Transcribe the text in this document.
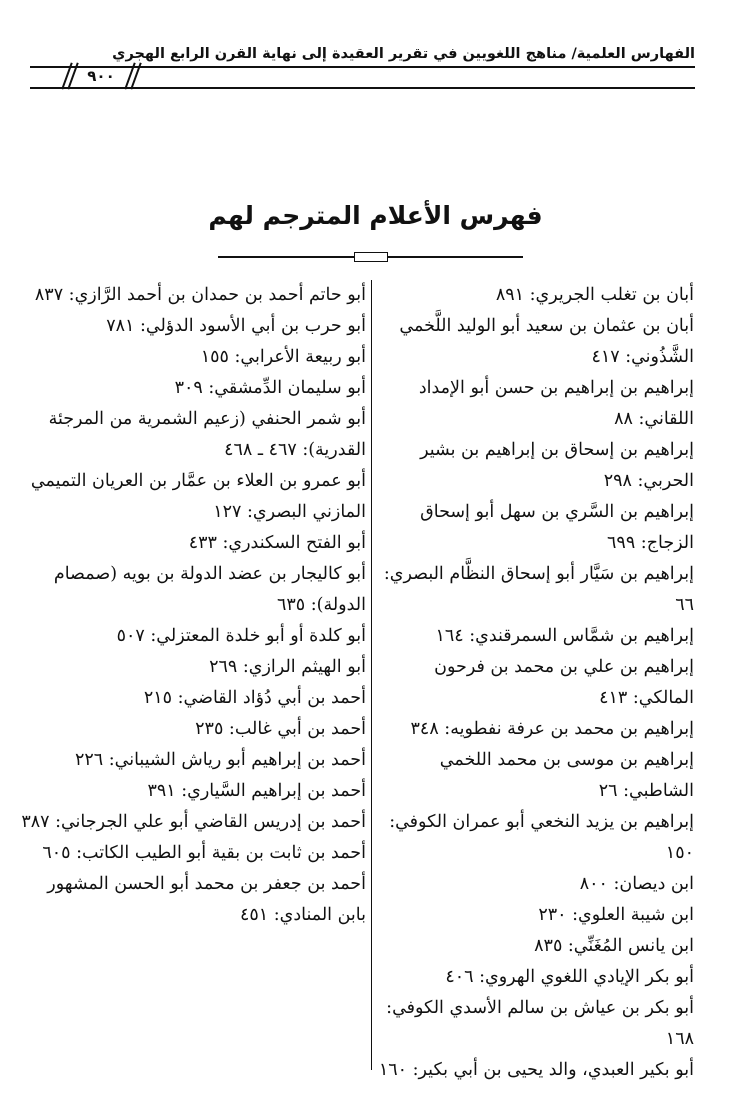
الفهارس العلمية/ مناهج اللغويين في تقرير العقيدة إلى نهاية القرن الرابع الهجري
٩٠٠
فهرس الأعلام المترجم لهم

أبان بن تغلب الجريري: ٨٩١

أبان بن عثمان بن سعيد أبو الوليد اللَّخمي الشَّذُوني: ٤١٧

إبراهيم بن إبراهيم بن حسن أبو الإمداد اللقاني: ٨٨

إبراهيم بن إسحاق بن إبراهيم بن بشير الحربي: ٢٩٨

إبراهيم بن السَّري بن سهل أبو إسحاق الزجاج: ٦٩٩

إبراهيم بن سَيَّار أبو إسحاق النظَّام البصري: ٦٦

إبراهيم بن شمَّاس السمرقندي: ١٦٤

إبراهيم بن علي بن محمد بن فرحون المالكي: ٤١٣

إبراهيم بن محمد بن عرفة نفطويه: ٣٤٨

إبراهيم بن موسى بن محمد اللخمي الشاطبي: ٢٦

إبراهيم بن يزيد النخعي أبو عمران الكوفي: ١٥٠

ابن ديصان: ٨٠٠

ابن شيبة العلوي: ٢٣٠

ابن يانس المُغَنِّي: ٨٣٥

أبو بكر الإيادي اللغوي الهروي: ٤٠٦

أبو بكر بن عياش بن سالم الأسدي الكوفي: ١٦٨

أبو بكير العبدي، والد يحيى بن أبي بكير: ١٦٠

أبو حاتم أحمد بن حمدان بن أحمد الرَّازي: ٨٣٧

أبو حرب بن أبي الأسود الدؤلي: ٧٨١

أبو ربيعة الأعرابي: ١٥٥

أبو سليمان الدِّمشقي: ٣٠٩

أبو شمر الحنفي (زعيم الشمرية من المرجئة القدرية): ٤٦٧ ـ ٤٦٨

أبو عمرو بن العلاء بن عمَّار بن العريان التميمي المازني البصري: ١٢٧

أبو الفتح السكندري: ٤٣٣

أبو كاليجار بن عضد الدولة بن بويه (صمصام الدولة): ٦٣٥

أبو كلدة أو أبو خلدة المعتزلي: ٥٠٧

أبو الهيثم الرازي: ٢٦٩

أحمد بن أبي دُؤاد القاضي: ٢١٥

أحمد بن أبي غالب: ٢٣٥

أحمد بن إبراهيم أبو رياش الشيباني: ٢٢٦

أحمد بن إبراهيم السَّياري: ٣٩١

أحمد بن إدريس القاضي أبو علي الجرجاني: ٣٨٧

أحمد بن ثابت بن بقية أبو الطيب الكاتب: ٦٠٥

أحمد بن جعفر بن محمد أبو الحسن المشهور بابن المنادي: ٤٥١
